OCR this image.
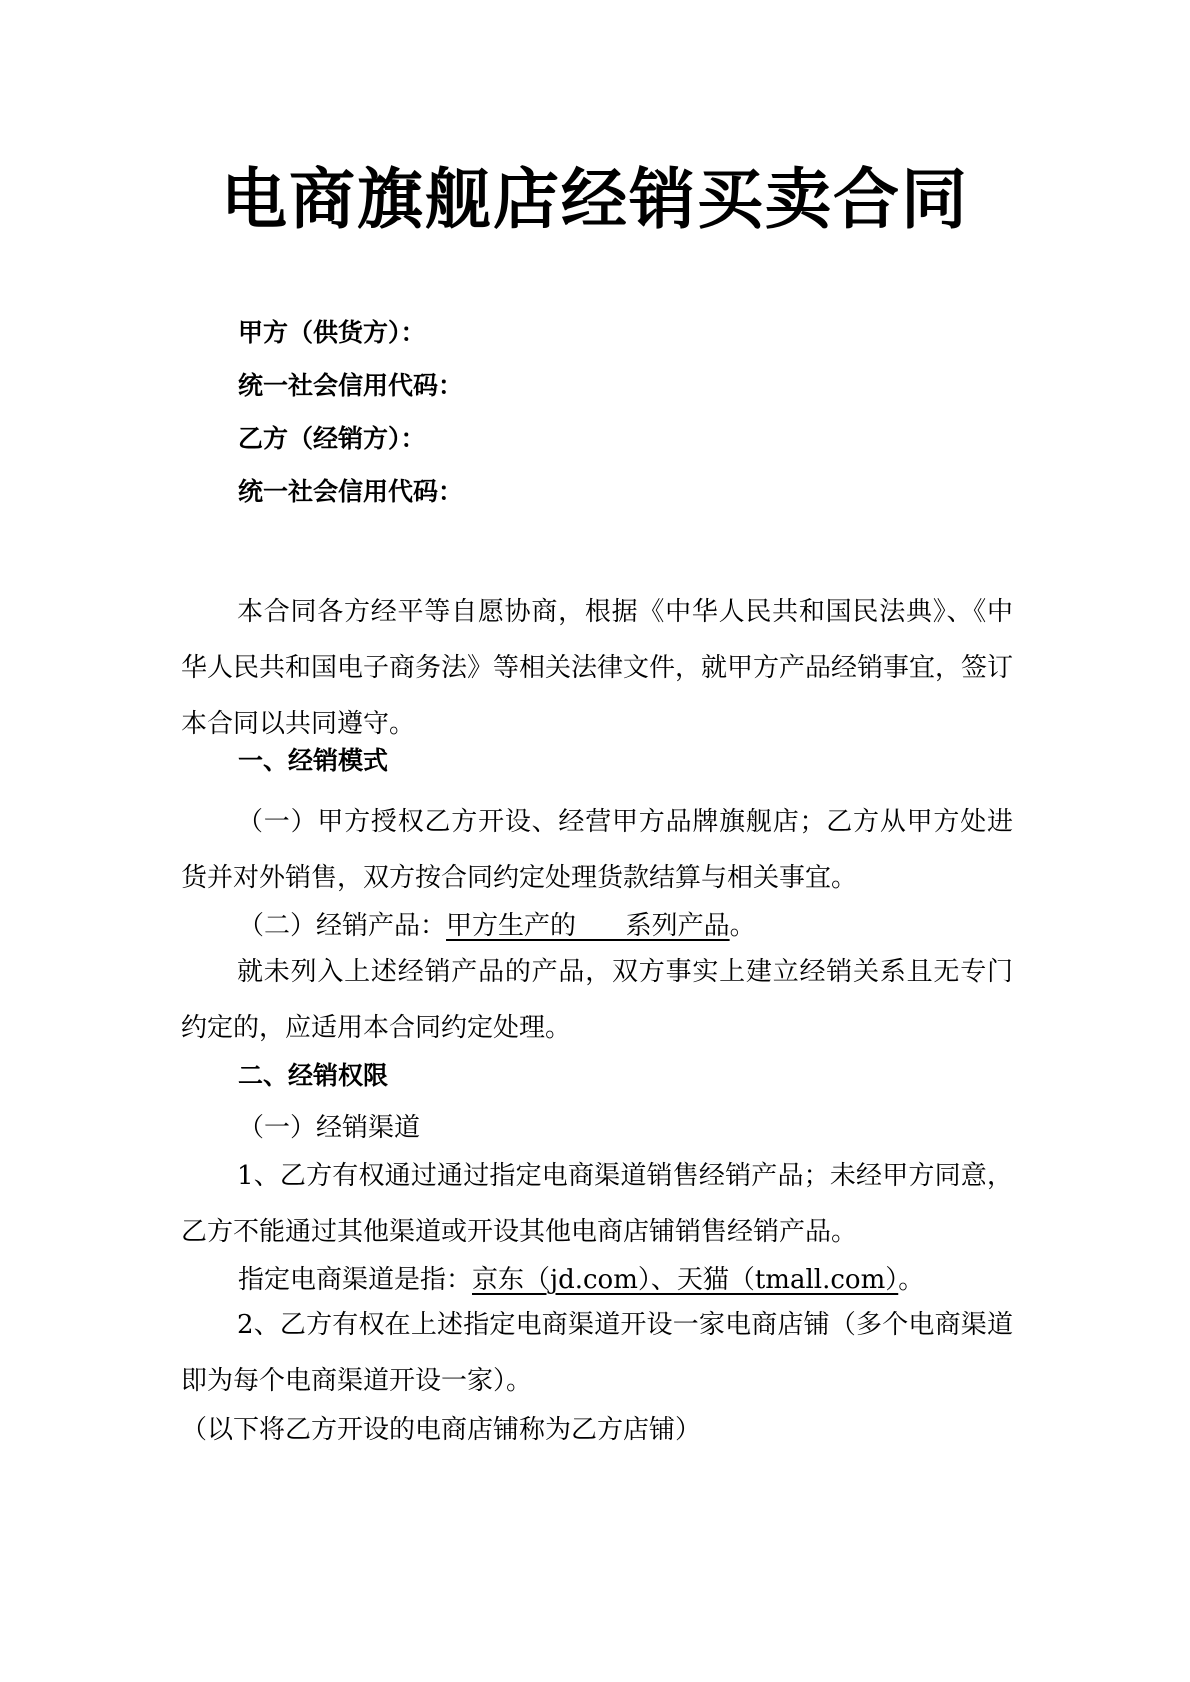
电商旗舰店经销买卖合同
甲方（供货方）：
统一社会信用代码：
乙方（经销方）：
统一社会信用代码：

本合同各方经平等自愿协商，根据《中华人民共和国民法典》、《中华人民共和国电子商务法》等相关法律文件，就甲方产品经销事宜，签订本合同以共同遵守。

一、经销模式

（一）甲方授权乙方开设、经营甲方品牌旗舰店；乙方从甲方处进货并对外销售，双方按合同约定处理货款结算与相关事宜。

（二）经销产品：甲方生产的      系列产品。

就未列入上述经销产品的产品，双方事实上建立经销关系且无专门约定的，应适用本合同约定处理。

二、经销权限
（一）经销渠道

1、乙方有权通过通过指定电商渠道销售经销产品；未经甲方同意，乙方不能通过其他渠道或开设其他电商店铺销售经销产品。

指定电商渠道是指：京东（jd.com）、天猫（tmall.com）。

2、乙方有权在上述指定电商渠道开设一家电商店铺（多个电商渠道即为每个电商渠道开设一家）。

（以下将乙方开设的电商店铺称为乙方店铺）
